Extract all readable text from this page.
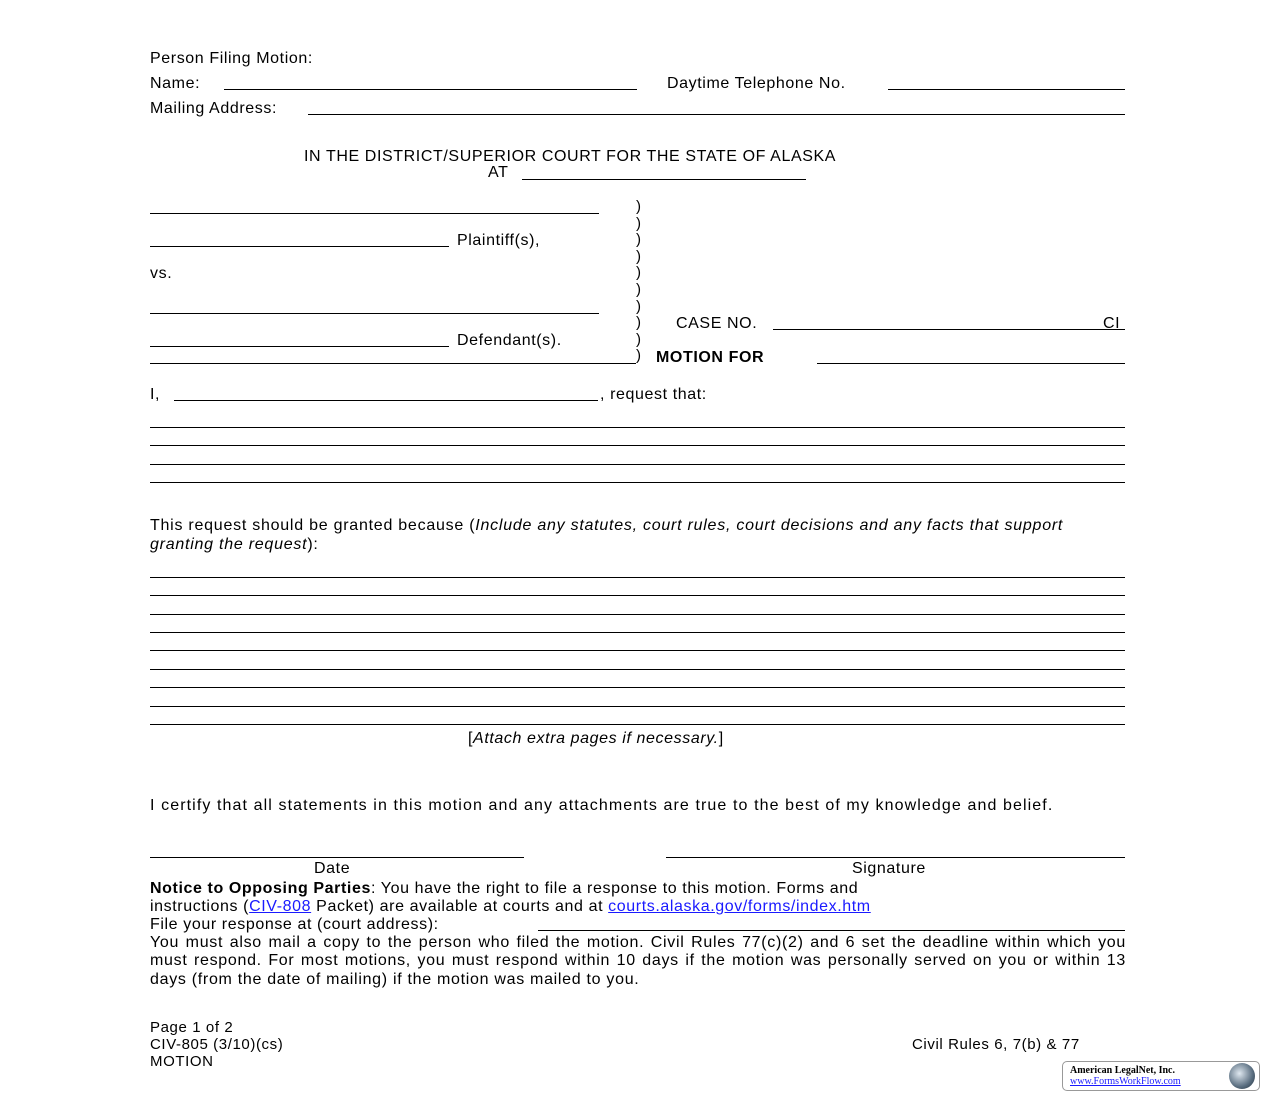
Person Filing Motion:
Name:	Daytime Telephone No.
Mailing Address:
IN THE DISTRICT/SUPERIOR COURT FOR THE STATE OF ALASKA
AT
Plaintiff(s),
vs.
Defendant(s).
)
)
)
)
)
)
)
)
)
)
CASE NO.	CI
MOTION FOR
I,	, request that:
This request should be granted because (Include any statutes, court rules, court decisions and any facts that support granting the request):
[Attach extra pages if necessary.]
I certify that all statements in this motion and any attachments are true to the best of my knowledge and belief.
Date	Signature
Notice to Opposing Parties: You have the right to file a response to this motion. Forms and
instructions (CIV-808 Packet) are available at courts and at courts.alaska.gov/forms/index.htm
File your response at (court address):
You must also mail a copy to the person who filed the motion. Civil Rules 77(c)(2) and 6 set the deadline within which you must respond. For most motions, you must respond within 10 days if the motion was personally served on you or within 13 days (from the date of mailing) if the motion was mailed to you.
Page 1 of 2
CIV-805 (3/10)(cs)
MOTION
Civil Rules 6, 7(b) & 77
American LegalNet, Inc.
www.FormsWorkFlow.com
